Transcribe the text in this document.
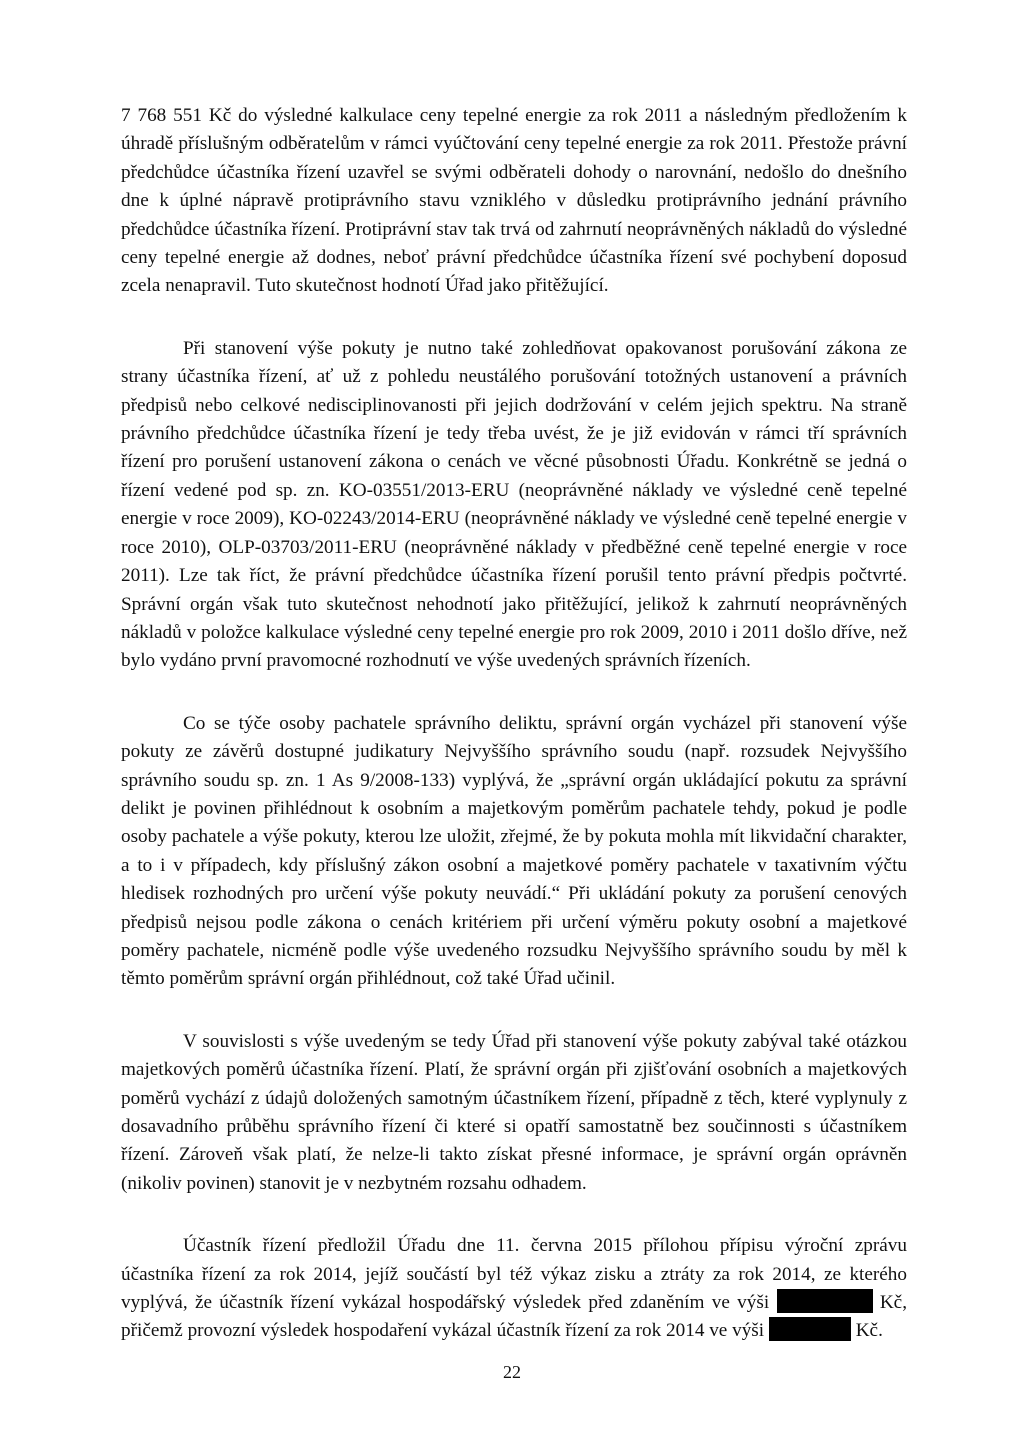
7 768 551 Kč do výsledné kalkulace ceny tepelné energie za rok 2011 a následným předložením k úhradě příslušným odběratelům v rámci vyúčtování ceny tepelné energie za rok 2011. Přestože právní předchůdce účastníka řízení uzavřel se svými odběrateli dohody o narovnání, nedošlo do dnešního dne k úplné nápravě protiprávního stavu vzniklého v důsledku protiprávního jednání právního předchůdce účastníka řízení. Protiprávní stav tak trvá od zahrnutí neoprávněných nákladů do výsledné ceny tepelné energie až dodnes, neboť právní předchůdce účastníka řízení své pochybení doposud zcela nenapravil. Tuto skutečnost hodnotí Úřad jako přitěžující.

Při stanovení výše pokuty je nutno také zohledňovat opakovanost porušování zákona ze strany účastníka řízení, ať už z pohledu neustálého porušování totožných ustanovení a právních předpisů nebo celkové nedisciplinovanosti při jejich dodržování v celém jejich spektru. Na straně právního předchůdce účastníka řízení je tedy třeba uvést, že je již evidován v rámci tří správních řízení pro porušení ustanovení zákona o cenách ve věcné působnosti Úřadu. Konkrétně se jedná o řízení vedené pod sp. zn. KO-03551/2013-ERU (neoprávněné náklady ve výsledné ceně tepelné energie v roce 2009), KO-02243/2014-ERU (neoprávněné náklady ve výsledné ceně tepelné energie v roce 2010), OLP-03703/2011-ERU (neoprávněné náklady v předběžné ceně tepelné energie v roce 2011). Lze tak říct, že právní předchůdce účastníka řízení porušil tento právní předpis počtvrté. Správní orgán však tuto skutečnost nehodnotí jako přitěžující, jelikož k zahrnutí neoprávněných nákladů v položce kalkulace výsledné ceny tepelné energie pro rok 2009, 2010 i 2011 došlo dříve, než bylo vydáno první pravomocné rozhodnutí ve výše uvedených správních řízeních.

Co se týče osoby pachatele správního deliktu, správní orgán vycházel při stanovení výše pokuty ze závěrů dostupné judikatury Nejvyššího správního soudu (např. rozsudek Nejvyššího správního soudu sp. zn. 1 As 9/2008-133) vyplývá, že „správní orgán ukládající pokutu za správní delikt je povinen přihlédnout k osobním a majetkovým poměrům pachatele tehdy, pokud je podle osoby pachatele a výše pokuty, kterou lze uložit, zřejmé, že by pokuta mohla mít likvidační charakter, a to i v případech, kdy příslušný zákon osobní a majetkové poměry pachatele v taxativním výčtu hledisek rozhodných pro určení výše pokuty neuvádí.“ Při ukládání pokuty za porušení cenových předpisů nejsou podle zákona o cenách kritériem při určení výměru pokuty osobní a majetkové poměry pachatele, nicméně podle výše uvedeného rozsudku Nejvyššího správního soudu by měl k těmto poměrům správní orgán přihlédnout, což také Úřad učinil.

V souvislosti s výše uvedeným se tedy Úřad při stanovení výše pokuty zabýval také otázkou majetkových poměrů účastníka řízení. Platí, že správní orgán při zjišťování osobních a majetkových poměrů vychází z údajů doložených samotným účastníkem řízení, případně z těch, které vyplynuly z dosavadního průběhu správního řízení či které si opatří samostatně bez součinnosti s účastníkem řízení. Zároveň však platí, že nelze-li takto získat přesné informace, je správní orgán oprávněn (nikoliv povinen) stanovit je v nezbytném rozsahu odhadem.

Účastník řízení předložil Úřadu dne 11. června 2015 přílohou přípisu výroční zprávu účastníka řízení za rok 2014, jejíž součástí byl též výkaz zisku a ztráty za rok 2014, ze kterého vyplývá, že účastník řízení vykázal hospodářský výsledek před zdaněním ve výši	Kč, přičemž provozní výsledek hospodaření vykázal účastník řízení za rok 2014 ve výši	Kč.

22
